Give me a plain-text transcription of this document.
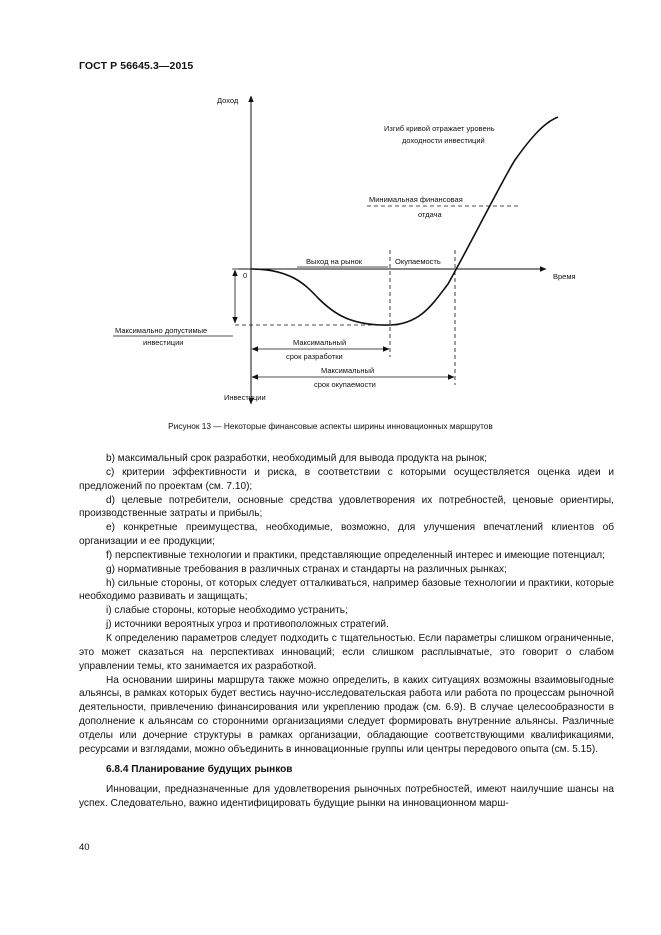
ГОСТ Р 56645.3—2015
Доход
Инвестиции
Время
0
Максимально допустимые
инвестиции
Выход на рынок	Окупаемость
Минимальная финансовая
отдача
Изгиб кривой отражает уровень
доходности инвестиций
Максимальный
срок разработки
Максимальный
срок окупаемости
Рисунок 13 — Некоторые финансовые аспекты ширины инновационных маршрутов

b) максимальный срок разработки, необходимый для вывода продукта на рынок;

c) критерии эффективности и риска, в соответствии с которыми осуществляется оценка идеи и предложений по проектам (см. 7.10);

d) целевые потребители, основные средства удовлетворения их потребностей, ценовые ориентиры, производственные затраты и прибыль;

e) конкретные преимущества, необходимые, возможно, для улучшения впечатлений клиентов об организации и ее продукции;

f) перспективные технологии и практики, представляющие определенный интерес и имеющие потенциал;

g) нормативные требования в различных странах и стандарты на различных рынках;

h) сильные стороны, от которых следует отталкиваться, например базовые технологии и практики, которые необходимо развивать и защищать;

i) слабые стороны, которые необходимо устранить;

j) источники вероятных угроз и противоположных стратегий.

К определению параметров следует подходить с тщательностью. Если параметры слишком ограниченные, это может сказаться на перспективах инноваций; если слишком расплывчатые, это говорит о слабом управлении темы, кто занимается их разработкой.

На основании ширины маршрута также можно определить, в каких ситуациях возможны взаимовыгодные альянсы, в рамках которых будет вестись научно-исследовательская работа или работа по процессам рыночной деятельности, привлечению финансирования или укреплению продаж (см. 6.9). В случае целесообразности в дополнение к альянсам со сторонними организациями следует формировать внутренние альянсы. Различные отделы или дочерние структуры в рамках организации, обладающие соответствующими квалификациями, ресурсами и взглядами, можно объединить в инновационные группы или центры передового опыта (см. 5.15).

6.8.4 Планирование будущих рынков

Инновации, предназначенные для удовлетворения рыночных потребностей, имеют наилучшие шансы на успех. Следовательно, важно идентифицировать будущие рынки на инновационном марш-

40
